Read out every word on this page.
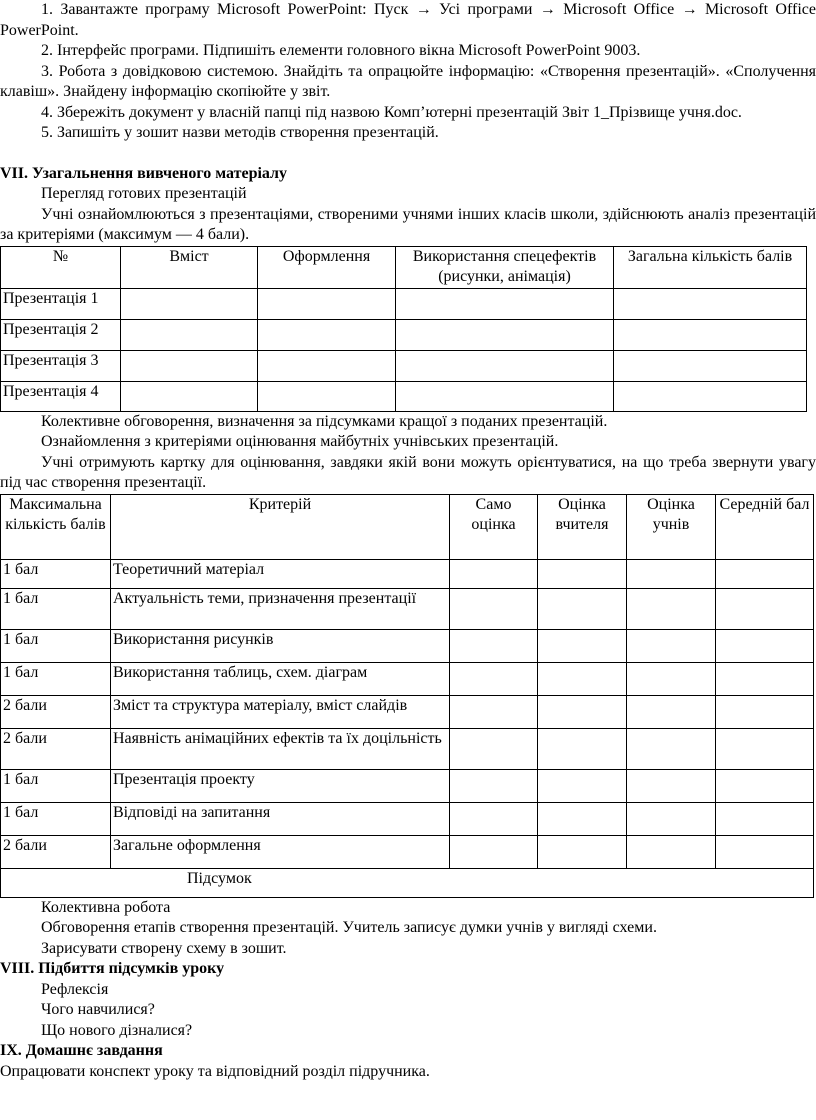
1. Завантажте програму Microsoft PowerPoint: Пуск → Усі програми → Microsoft Office → Microsoft Office PowerPoint.

2. Інтерфейс програми. Підпишіть елементи головного вікна Microsoft PowerPoint 9003.

3. Робота з довідковою системою. Знайдіть та опрацюйте інформацію: «Створення презентацій». «Сполучення клавіш». Знайдену інформацію скопіюйте у звіт.

4. Збережіть документ у власній папці під назвою Комп’ютерні презентацій Звіт 1_Прізвище учня.doc.

5. Запишіть у зошит назви методів створення презентацій.

VII. Узагальнення вивченого матеріалу

Перегляд готових презентацій

Учні ознайомлюються з презентаціями, створеними учнями інших класів школи, здійснюють аналіз презентацій за критеріями (максимум — 4 бали).

№	Вміст	Оформлення	Використання спецефектів (рисунки, анімація)	Загальна кількість балів
Презентація 1				
Презентація 2				
Презентація 3				
Презентація 4				

Колективне обговорення, визначення за підсумками кращої з поданих презентацій.

Ознайомлення з критеріями оцінювання майбутніх учнівських презентацій.

Учні отримують картку для оцінювання, завдяки якій вони можуть орієнтуватися, на що треба звернути увагу під час створення презентації.

Максимальна кількість балів	Критерій	Само оцінка	Оцінка вчителя	Оцінка учнів	Середній бал
1 бал	Теоретичний матеріал				
1 бал	Актуальність теми, призначення презентації				
1 бал	Використання рисунків				
1 бал	Використання таблиць, схем. діаграм				
2 бали	Зміст та структура матеріалу, вміст слайдів				
2 бали	Наявність анімаційних ефектів та їх доцільність				
1 бал	Презентація проекту				
1 бал	Відповіді на запитання				
2 бали	Загальне оформлення				
Підсумок					

Колективна робота

Обговорення етапів створення презентацій. Учитель записує думки учнів у вигляді схеми.

Зарисувати створену схему в зошит.

VIII. Підбиття підсумків уроку

Рефлексія

Чого навчилися?

Що нового дізналися?

IX. Домашнє завдання

Опрацювати конспект уроку та відповідний розділ підручника.
